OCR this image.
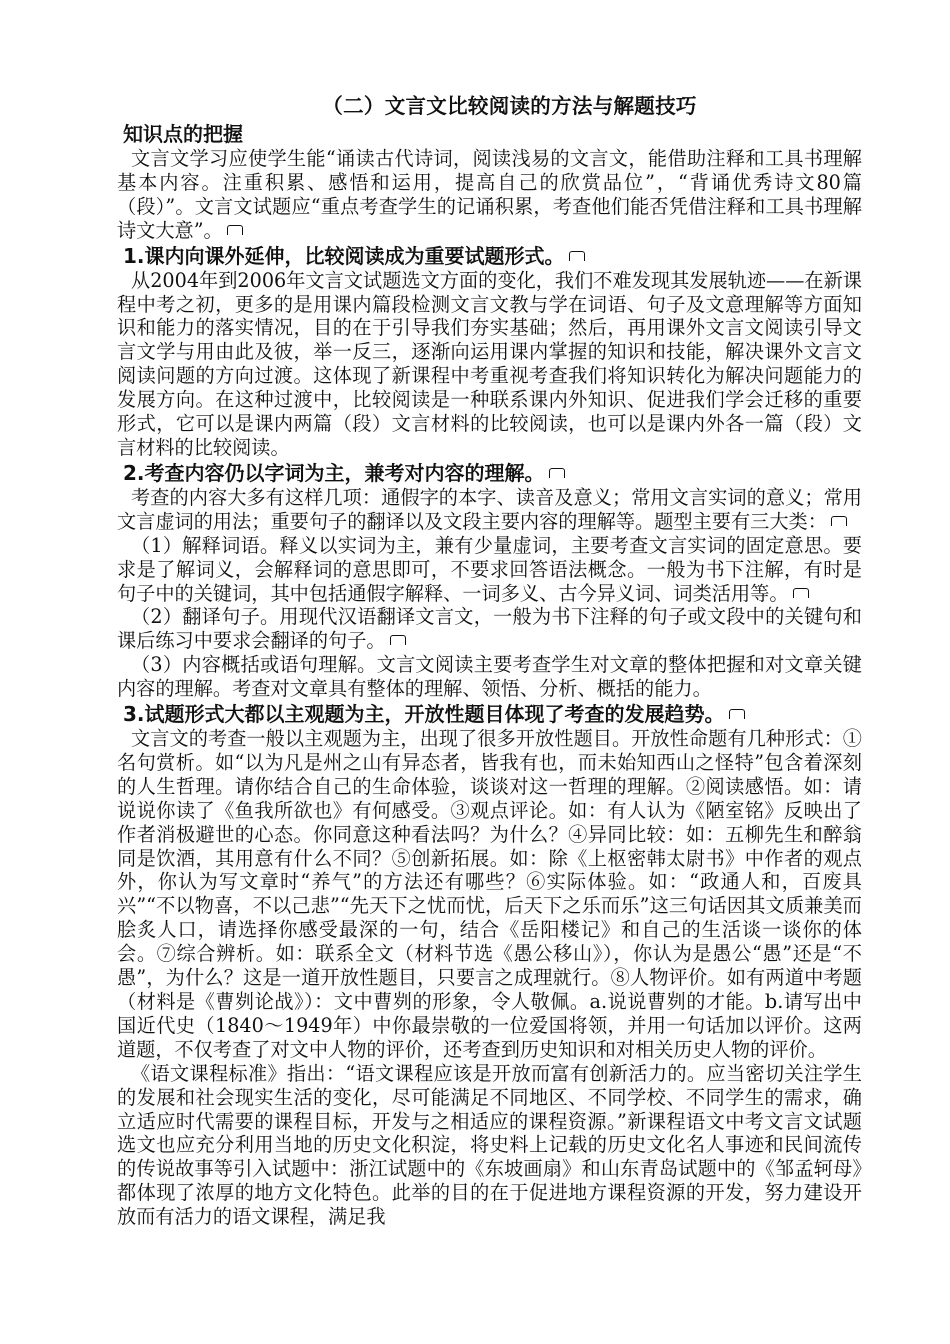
（二）文言文比较阅读的方法与解题技巧
知识点的把握

文言文学习应使学生能“诵读古代诗词，阅读浅易的文言文，能借助注释和工具书理解基本内容。注重积累、感悟和运用，提高自己的欣赏品位”，“背诵优秀诗文80篇（段）”。文言文试题应“重点考查学生的记诵积累，考查他们能否凭借注释和工具书理解诗文大意”。

1.课内向课外延伸，比较阅读成为重要试题形式。

从2004年到2006年文言文试题选文方面的变化，我们不难发现其发展轨迹——在新课程中考之初，更多的是用课内篇段检测文言文教与学在词语、句子及文意理解等方面知识和能力的落实情况，目的在于引导我们夯实基础；然后，再用课外文言文阅读引导文言文学与用由此及彼，举一反三，逐渐向运用课内掌握的知识和技能，解决课外文言文阅读问题的方向过渡。这体现了新课程中考重视考查我们将知识转化为解决问题能力的发展方向。在这种过渡中，比较阅读是一种联系课内外知识、促进我们学会迁移的重要形式，它可以是课内两篇（段）文言材料的比较阅读，也可以是课内外各一篇（段）文言材料的比较阅读。

2.考查内容仍以字词为主，兼考对内容的理解。

考查的内容大多有这样几项：通假字的本字、读音及意义；常用文言实词的意义；常用文言虚词的用法；重要句子的翻译以及文段主要内容的理解等。题型主要有三大类：

（1）解释词语。释义以实词为主，兼有少量虚词，主要考查文言实词的固定意思。要求是了解词义，会解释词的意思即可，不要求回答语法概念。一般为书下注解，有时是句子中的关键词，其中包括通假字解释、一词多义、古今异义词、词类活用等。

（2）翻译句子。用现代汉语翻译文言文，一般为书下注释的句子或文段中的关键句和课后练习中要求会翻译的句子。

（3）内容概括或语句理解。文言文阅读主要考查学生对文章的整体把握和对文章关键内容的理解。考查对文章具有整体的理解、领悟、分析、概括的能力。

3.试题形式大都以主观题为主，开放性题目体现了考查的发展趋势。

文言文的考查一般以主观题为主，出现了很多开放性题目。开放性命题有几种形式：①名句赏析。如“以为凡是州之山有异态者，皆我有也，而未始知西山之怪特”包含着深刻的人生哲理。请你结合自己的生命体验，谈谈对这一哲理的理解。②阅读感悟。如：请说说你读了《鱼我所欲也》有何感受。③观点评论。如：有人认为《陋室铭》反映出了作者消极避世的心态。你同意这种看法吗？为什么？④异同比较：如：五柳先生和醉翁同是饮酒，其用意有什么不同？⑤创新拓展。如：除《上枢密韩太尉书》中作者的观点外，你认为写文章时“养气”的方法还有哪些？⑥实际体验。如：“政通人和，百废具兴”“不以物喜，不以己悲”“先天下之忧而忧，后天下之乐而乐”这三句话因其文质兼美而脍炙人口，请选择你感受最深的一句，结合《岳阳楼记》和自己的生活谈一谈你的体会。⑦综合辨析。如：联系全文（材料节选《愚公移山》），你认为是愚公“愚”还是“不愚”，为什么？这是一道开放性题目，只要言之成理就行。⑧人物评价。如有两道中考题（材料是《曹刿论战》）：文中曹刿的形象，令人敬佩。a.说说曹刿的才能。b.请写出中国近代史（1840～1949年）中你最崇敬的一位爱国将领，并用一句话加以评价。这两道题，不仅考查了对文中人物的评价，还考查到历史知识和对相关历史人物的评价。

《语文课程标准》指出：“语文课程应该是开放而富有创新活力的。应当密切关注学生的发展和社会现实生活的变化，尽可能满足不同地区、不同学校、不同学生的需求，确立适应时代需要的课程目标，开发与之相适应的课程资源。”新课程语文中考文言文试题选文也应充分利用当地的历史文化积淀，将史料上记载的历史文化名人事迹和民间流传的传说故事等引入试题中：浙江试题中的《东坡画扇》和山东青岛试题中的《邹孟轲母》都体现了浓厚的地方文化特色。此举的目的在于促进地方课程资源的开发，努力建设开放而有活力的语文课程，满足我
